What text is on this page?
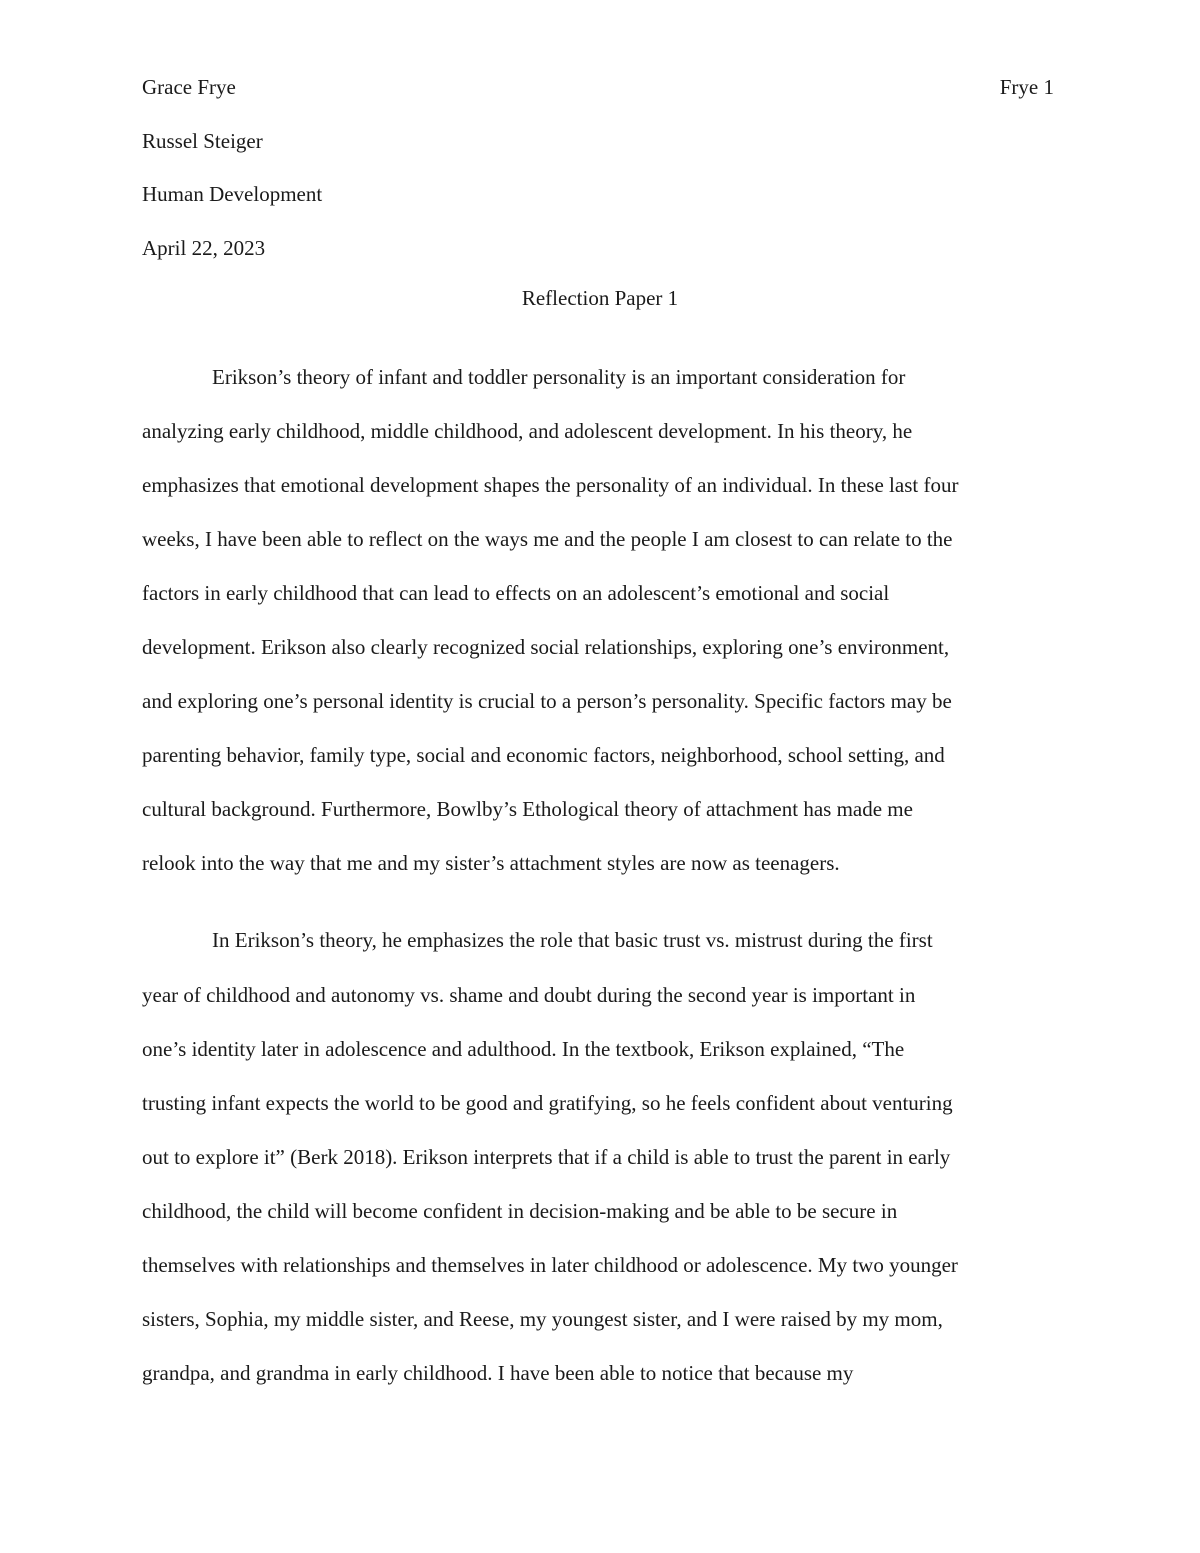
Frye 1
Grace Frye
Russel Steiger
Human Development
April 22, 2023
Reflection Paper 1
Erikson’s theory of infant and toddler personality is an important consideration for
analyzing early childhood, middle childhood, and adolescent development. In his theory, he
emphasizes that emotional development shapes the personality of an individual. In these last four
weeks, I have been able to reflect on the ways me and the people I am closest to can relate to the
factors in early childhood that can lead to effects on an adolescent’s emotional and social
development. Erikson also clearly recognized social relationships, exploring one’s environment,
and exploring one’s personal identity is crucial to a person’s personality. Specific factors may be
parenting behavior, family type, social and economic factors, neighborhood, school setting, and
cultural background. Furthermore, Bowlby’s Ethological theory of attachment has made me
relook into the way that me and my sister’s attachment styles are now as teenagers.
In Erikson’s theory, he emphasizes the role that basic trust vs. mistrust during the first
year of childhood and autonomy vs. shame and doubt during the second year is important in
one’s identity later in adolescence and adulthood. In the textbook, Erikson explained, “The
trusting infant expects the world to be good and gratifying, so he feels confident about venturing
out to explore it” (Berk 2018). Erikson interprets that if a child is able to trust the parent in early
childhood, the child will become confident in decision-making and be able to be secure in
themselves with relationships and themselves in later childhood or adolescence. My two younger
sisters, Sophia, my middle sister, and Reese, my youngest sister, and I were raised by my mom,
grandpa, and grandma in early childhood. I have been able to notice that because my
